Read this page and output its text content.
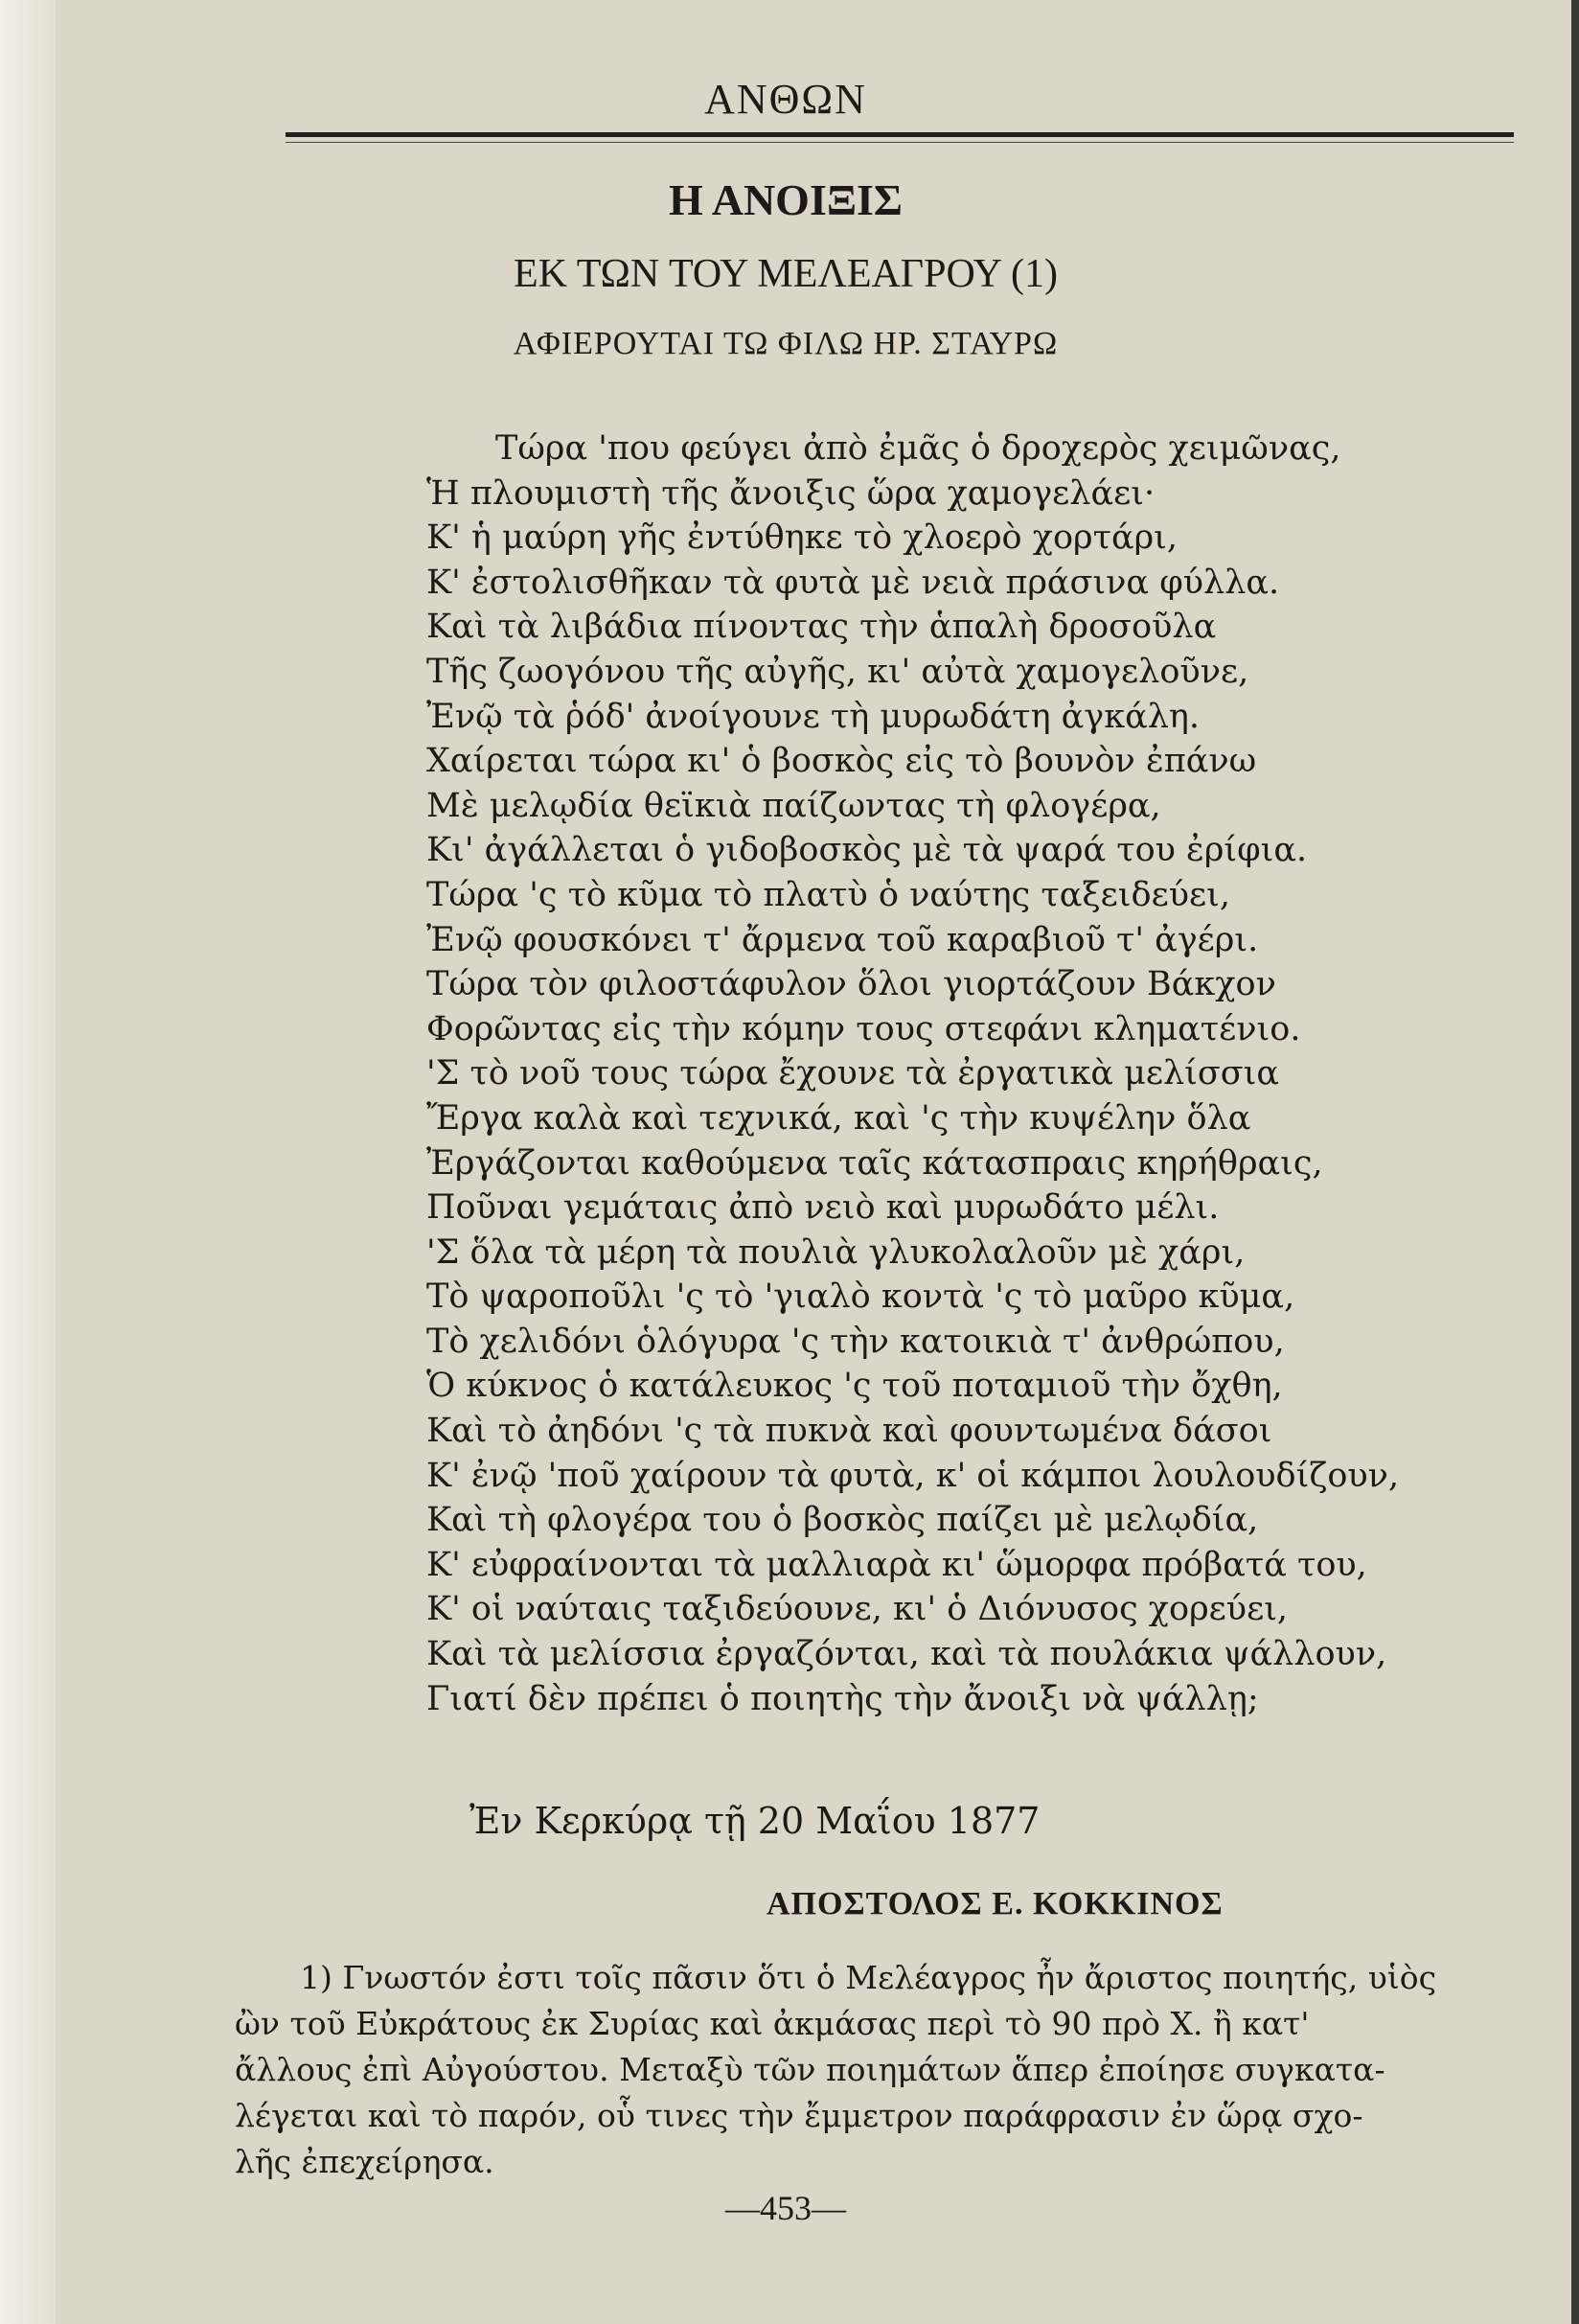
ΑΝΘΩΝ
Η ΑΝΟΙΞΙΣ
ΕΚ ΤΩΝ ΤΟΥ ΜΕΛΕΑΓΡΟΥ (1)
ΑΦΙΕΡΟΥΤΑΙ ΤΩ ΦΙΛΩ ΗΡ. ΣΤΑΥΡΩ
Τώρα 'που φεύγει ἀπὸ ἐμᾶς ὁ δροχερὸς χειμῶνας,
Ἡ πλουμιστὴ τῆς ἄνοιξις ὥρα χαμογελάει·
Κ' ἡ μαύρη γῆς ἐντύθηκε τὸ χλοερὸ χορτάρι,
Κ' ἐστολισθῆκαν τὰ φυτὰ μὲ νειὰ πράσινα φύλλα.
Καὶ τὰ λιβάδια πίνοντας τὴν ἁπαλὴ δροσοῦλα
Τῆς ζωογόνου τῆς αὐγῆς, κι' αὐτὰ χαμογελοῦνε,
Ἐνῷ τὰ ῥόδ' ἀνοίγουνε τὴ μυρωδάτη ἀγκάλη.
Χαίρεται τώρα κι' ὁ βοσκὸς εἰς τὸ βουνὸν ἐπάνω
Μὲ μελῳδία θεϊκιὰ παίζωντας τὴ φλογέρα,
Κι' ἀγάλλεται ὁ γιδοβοσκὸς μὲ τὰ ψαρά του ἐρίφια.
Τώρα 'ς τὸ κῦμα τὸ πλατὺ ὁ ναύτης ταξειδεύει,
Ἐνῷ φουσκόνει τ' ἄρμενα τοῦ καραβιοῦ τ' ἀγέρι.
Τώρα τὸν φιλοστάφυλον ὅλοι γιορτάζουν Βάκχον
Φορῶντας εἰς τὴν κόμην τους στεφάνι κληματένιο.
'Σ τὸ νοῦ τους τώρα ἔχουνε τὰ ἐργατικὰ μελίσσια
Ἔργα καλὰ καὶ τεχνικά, καὶ 'ς τὴν κυψέλην ὅλα
Ἐργάζονται καθούμενα ταῖς κάτασπραις κηρήθραις,
Ποῦναι γεμάταις ἀπὸ νειὸ καὶ μυρωδάτο μέλι.
'Σ ὅλα τὰ μέρη τὰ πουλιὰ γλυκολαλοῦν μὲ χάρι,
Τὸ ψαροποῦλι 'ς τὸ 'γιαλὸ κοντὰ 'ς τὸ μαῦρο κῦμα,
Τὸ χελιδόνι ὁλόγυρα 'ς τὴν κατοικιὰ τ' ἀνθρώπου,
Ὁ κύκνος ὁ κατάλευκος 'ς τοῦ ποταμιοῦ τὴν ὄχθη,
Καὶ τὸ ἀηδόνι 'ς τὰ πυκνὰ καὶ φουντωμένα δάσοι
Κ' ἐνῷ 'ποῦ χαίρουν τὰ φυτὰ, κ' οἱ κάμποι λουλουδίζουν,
Καὶ τὴ φλογέρα του ὁ βοσκὸς παίζει μὲ μελῳδία,
Κ' εὐφραίνονται τὰ μαλλιαρὰ κι' ὥμορφα πρόβατά του,
Κ' οἱ ναύταις ταξιδεύουνε, κι' ὁ Διόνυσος χορεύει,
Καὶ τὰ μελίσσια ἐργαζόνται, καὶ τὰ πουλάκια ψάλλουν,
Γιατί δὲν πρέπει ὁ ποιητὴς τὴν ἄνοιξι νὰ ψάλλῃ;
Ἐν Κερκύρᾳ τῇ 20 Μαΐου 1877
ΑΠΟΣΤΟΛΟΣ Ε. ΚΟΚΚΙΝΟΣ

1) Γνωστόν ἐστι τοῖς πᾶσιν ὅτι ὁ Μελέαγρος ἦν ἄριστος ποιητής, υἱὸς

ὢν τοῦ Εὐκράτους ἐκ Συρίας καὶ ἀκμάσας περὶ τὸ 90 πρὸ Χ. ἢ κατ'

ἄλλους ἐπὶ Αὐγούστου. Μεταξὺ τῶν ποιημάτων ἅπερ ἐποίησε συγκατα-

λέγεται καὶ τὸ παρόν, οὗ τινες τὴν ἔμμετρον παράφρασιν ἐν ὥρᾳ σχο-

λῆς ἐπεχείρησα.

—453—
